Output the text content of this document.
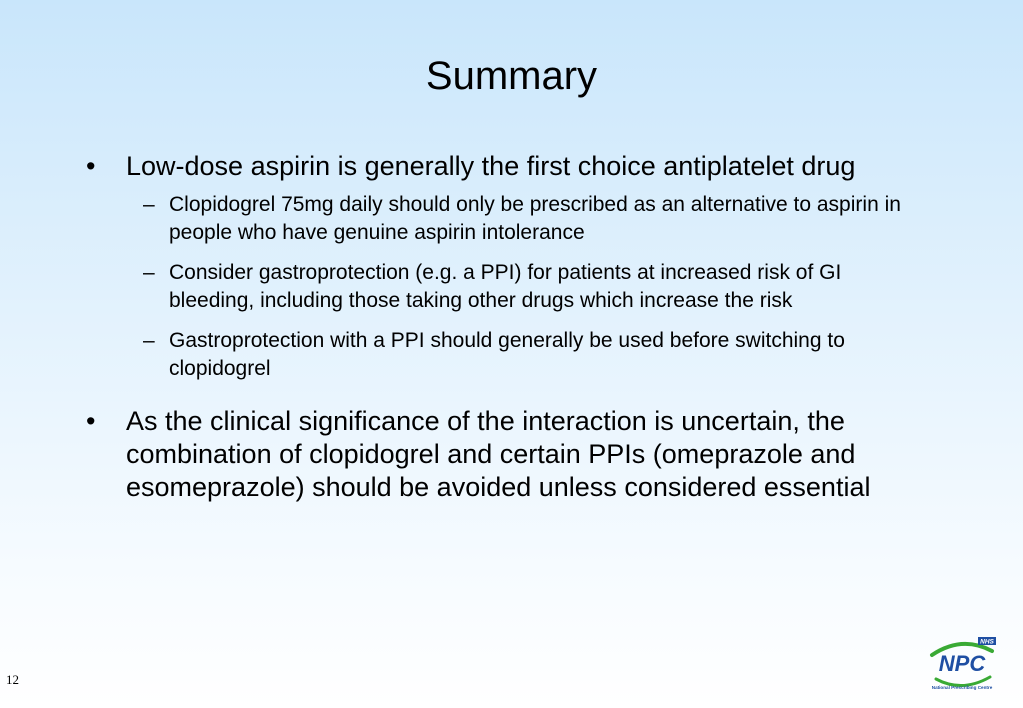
Summary
• Low-dose aspirin is generally the first choice antiplatelet drug
– Clopidogrel 75mg daily should only be prescribed as an alternative to aspirin in people who have genuine aspirin intolerance
– Consider gastroprotection (e.g. a PPI) for patients at increased risk of GI bleeding, including those taking other drugs which increase the risk
– Gastroprotection with a PPI should generally be used before switching to clopidogrel
• As the clinical significance of the interaction is uncertain, the combination of clopidogrel and certain PPIs (omeprazole and esomeprazole) should be avoided unless considered essential
12
NHS
NPC
National Prescribing Centre
